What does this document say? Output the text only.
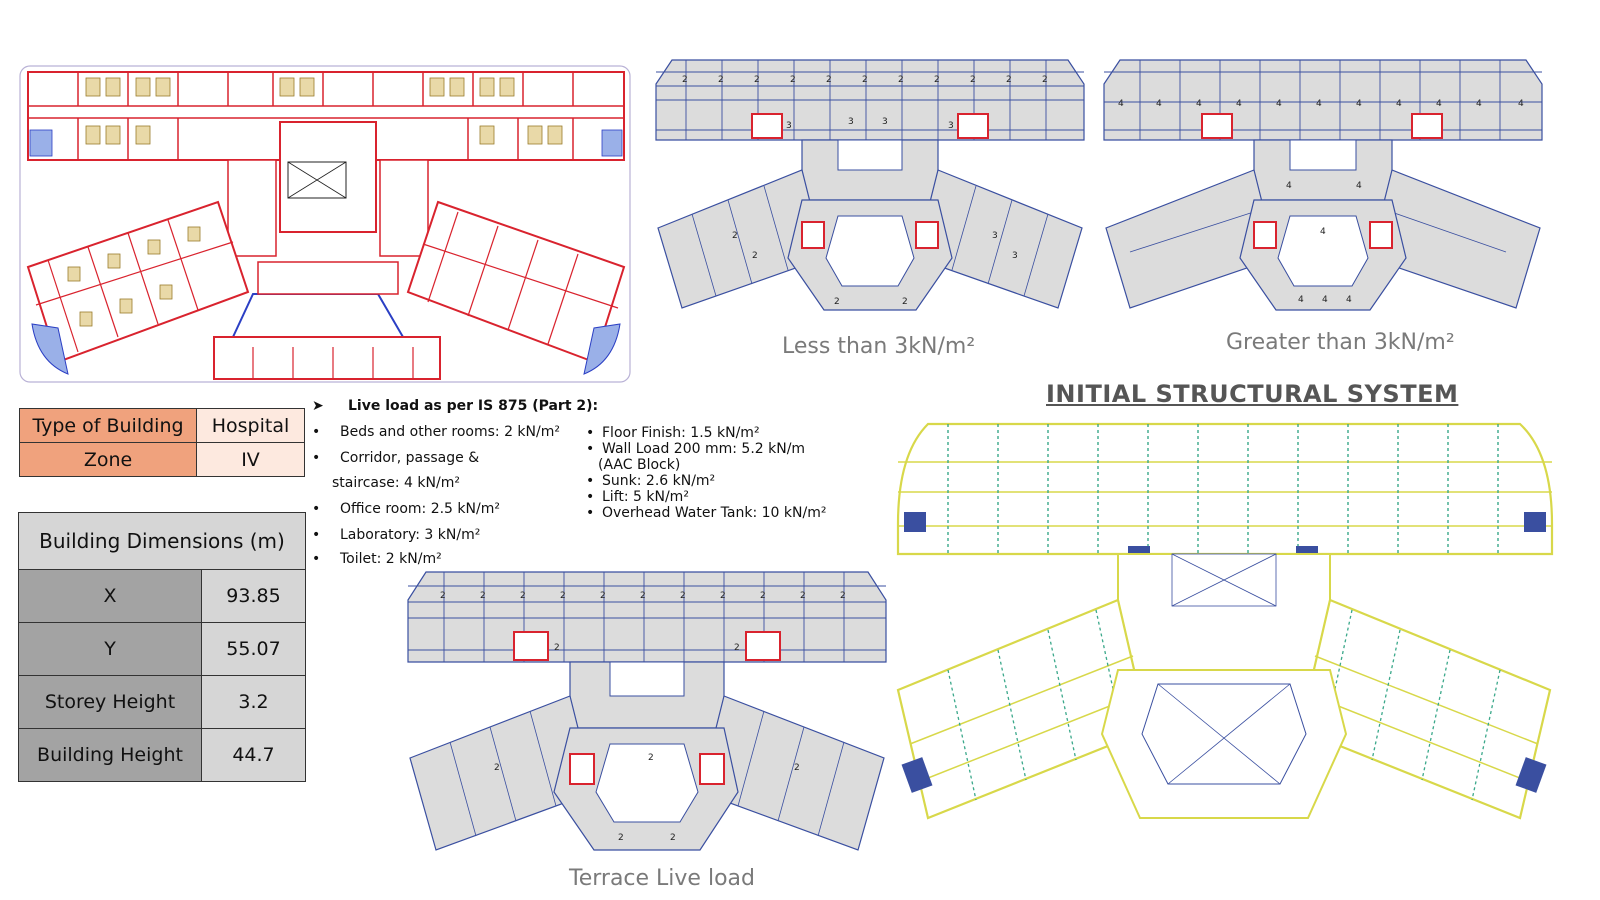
2	2	2	2	2	2	2	2	2	2	2
3	3	3	3
2
2
3
3
2	2
4	4	4	4	4	4	4	4	4	4	4
4	4
4
4 4 4
2	2	2	2	2	2	2	2	2	2	2
2	2
2
2	2
2	2
Less than 3kN/m²	Greater than 3kN/m²
Terrace Live load
INITIAL STRUCTURAL SYSTEM
Type of Building	Hospital
Zone	IV
Building Dimensions (m)	
X	93.85
Y	55.07
Storey Height	3.2
Building Height	44.7
➤ Live load as per IS 875 (Part 2):
• Beds and other rooms: 2 kN/m²
• Corridor, passage &
staircase: 4 kN/m²
• Office room: 2.5 kN/m²
• Laboratory: 3 kN/m²
• Toilet: 2 kN/m²
• Floor Finish: 1.5 kN/m²
• Wall Load 200 mm: 5.2 kN/m
(AAC Block)
• Sunk: 2.6 kN/m²
• Lift: 5 kN/m²
• Overhead Water Tank: 10 kN/m²
